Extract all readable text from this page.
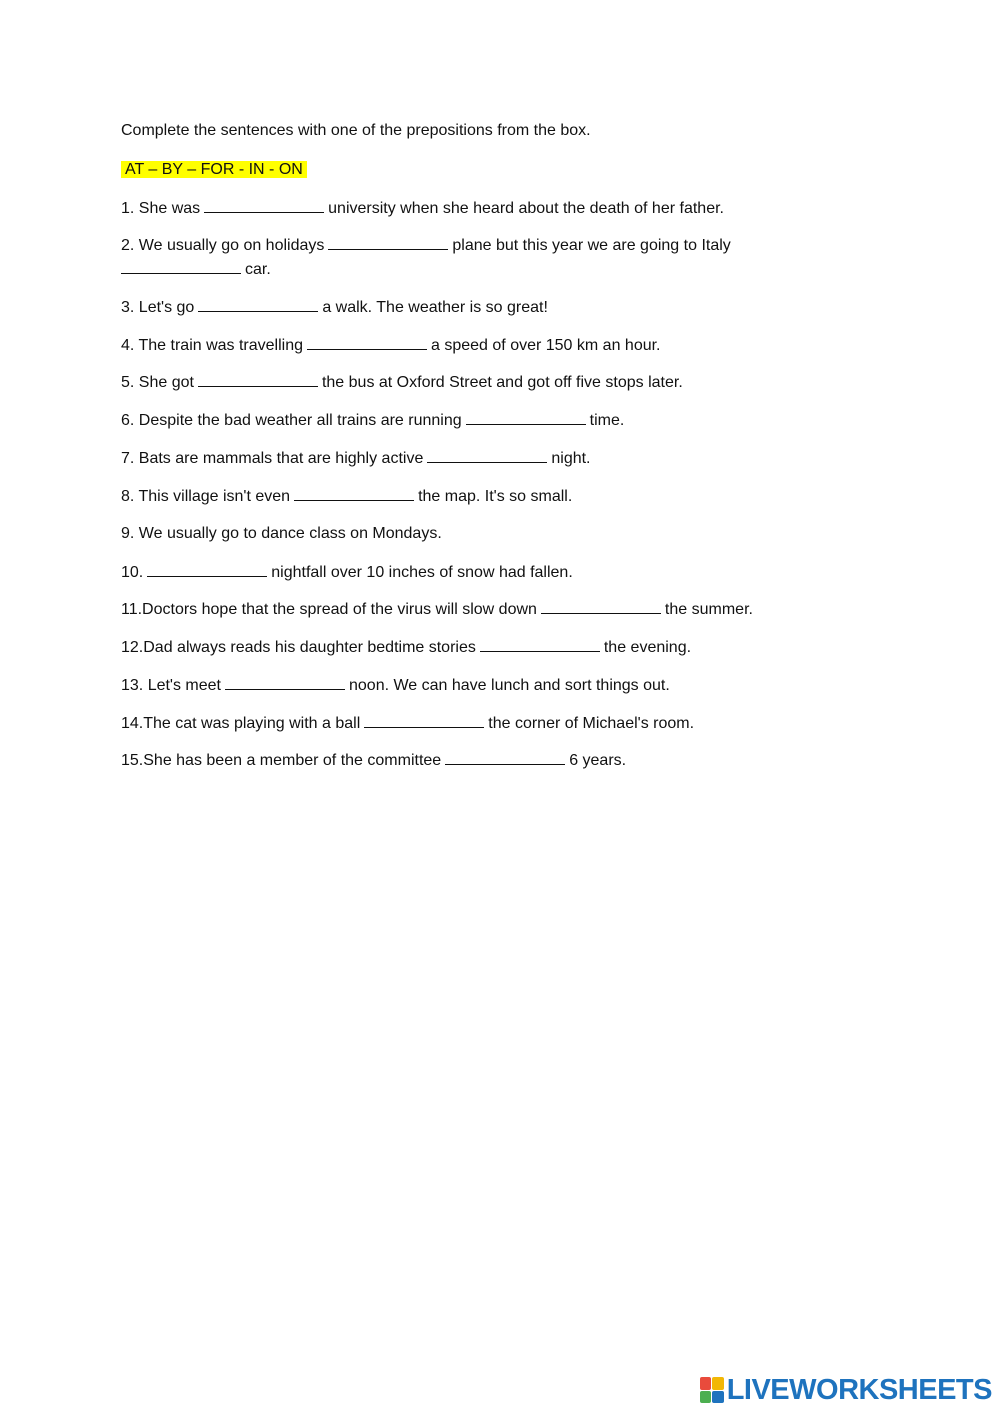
Complete the sentences with one of the prepositions from the box.
AT – BY – FOR - IN - ON
1. She was	university when she heard about the death of her father.
2. We usually go on holidays	plane but this year we are going to Italy
car.
3. Let's go	a walk. The weather is so great!
4. The train was travelling	a speed of over 150 km an hour.
5. She got	the bus at Oxford Street and got off five stops later.
6. Despite the bad weather all trains are running	time.
7. Bats are mammals that are highly active	night.
8. This village isn't even	the map. It's so small.
9. We usually go to dance class on Mondays.
10.	nightfall over 10 inches of snow had fallen.
11.Doctors hope that the spread of the virus will slow down	the summer.
12.Dad always reads his daughter bedtime stories	the evening.
13. Let's meet	noon. We can have lunch and sort things out.
14.The cat was playing with a ball	the corner of Michael's room.
15.She has been a member of the committee	6 years.
LIVEWORKSHEETS
